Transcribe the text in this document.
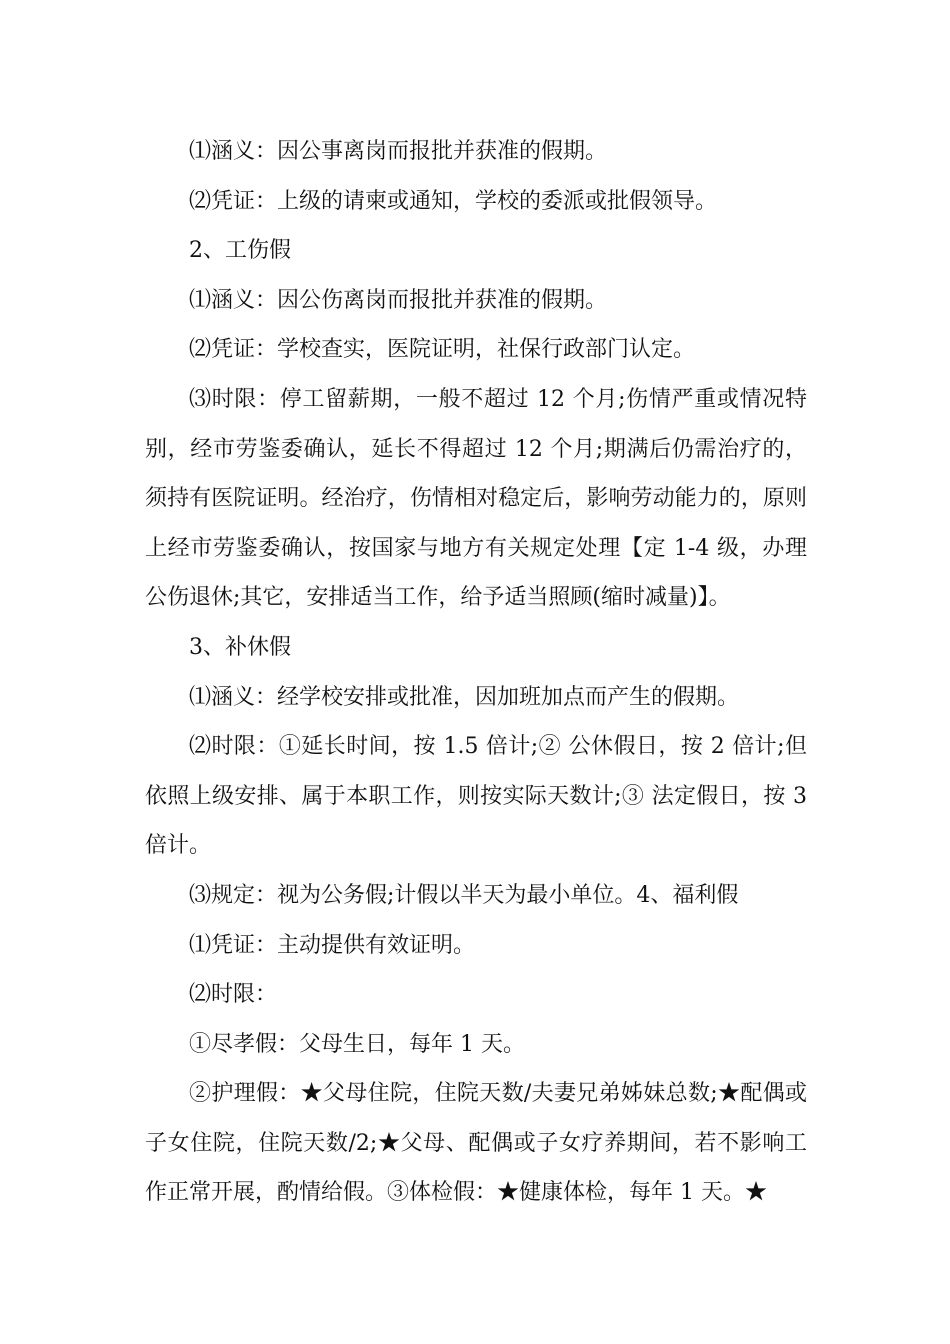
⑴涵义：因公事离岗而报批并获准的假期。

⑵凭证：上级的请柬或通知，学校的委派或批假领导。

2、工伤假

⑴涵义：因公伤离岗而报批并获准的假期。

⑵凭证：学校查实，医院证明，社保行政部门认定。

⑶时限：停工留薪期，一般不超过 12 个月;伤情严重或情况特别，经市劳鉴委确认，延长不得超过 12 个月;期满后仍需治疗的，须持有医院证明。经治疗，伤情相对稳定后，影响劳动能力的，原则上经市劳鉴委确认，按国家与地方有关规定处理【定 1-4 级，办理公伤退休;其它，安排适当工作，给予适当照顾(缩时减量)】。

3、补休假

⑴涵义：经学校安排或批准，因加班加点而产生的假期。

⑵时限：①延长时间，按 1.5 倍计;② 公休假日，按 2 倍计;但依照上级安排、属于本职工作，则按实际天数计;③ 法定假日，按 3 倍计。

⑶规定：视为公务假;计假以半天为最小单位。4、福利假

⑴凭证：主动提供有效证明。

⑵时限：

①尽孝假：父母生日，每年 1 天。

②护理假：★父母住院，住院天数/夫妻兄弟姊妹总数;★配偶或子女住院，住院天数/2;★父母、配偶或子女疗养期间，若不影响工作正常开展，酌情给假。③体检假：★健康体检，每年 1 天。★
